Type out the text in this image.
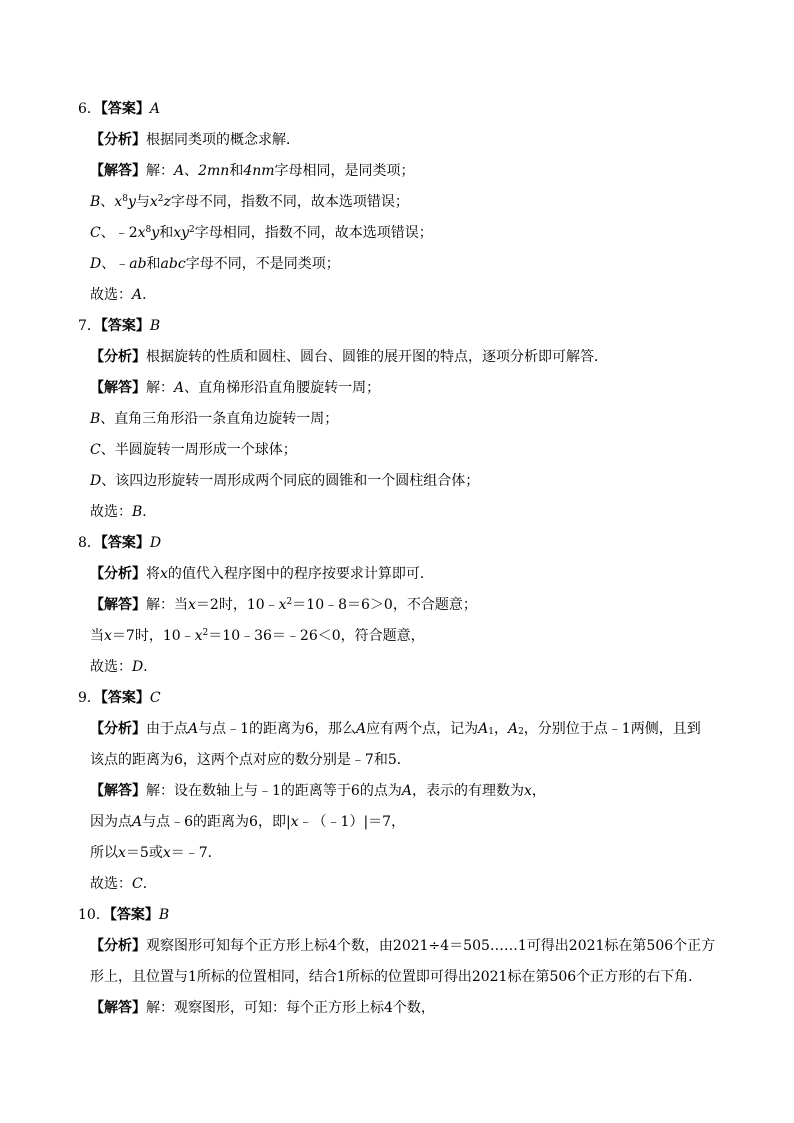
6．【答案】A
【分析】根据同类项的概念求解．
【解答】解：A、2mn和4nm字母相同，是同类项；
B、$x^8y$与$x^2z$字母不同，指数不同，故本选项错误；
C、$﹣2x^8y$和$xy^2$字母相同，指数不同，故本选项错误；
D、﹣ab和abc字母不同，不是同类项；
故选：A．
7．【答案】B
【分析】根据旋转的性质和圆柱、圆台、圆锥的展开图的特点，逐项分析即可解答．
【解答】解：A、直角梯形沿直角腰旋转一周；
B、直角三角形沿一条直角边旋转一周；
C、半圆旋转一周形成一个球体；
D、该四边形旋转一周形成两个同底的圆锥和一个圆柱组合体；
故选：B．
8．【答案】D
【分析】将x的值代入程序图中的程序按要求计算即可．
【解答】解：当x＝2时，$10﹣x^2=10﹣8=6>0$，不合题意；
当x＝7时，$10﹣x^2=10﹣36=﹣26<0$，符合题意，
故选：D．
9．【答案】C
【分析】由于点A与点﹣1的距离为6，那么A应有两个点，记为$A_1$，$A_2$，分别位于点﹣1两侧，且到
该点的距离为6，这两个点对应的数分别是﹣7和5．
【解答】解：设在数轴上与﹣1的距离等于6的点为A，表示的有理数为x，
因为点A与点﹣6的距离为6，即|x﹣（﹣1）|＝7，
所以x＝5或x＝﹣7．
故选：C．
10．【答案】B
【分析】观察图形可知每个正方形上标4个数，由2021÷4＝505……1可得出2021标在第506个正方
形上，且位置与1所标的位置相同，结合1所标的位置即可得出2021标在第506个正方形的右下角．
【解答】解：观察图形，可知：每个正方形上标4个数，
